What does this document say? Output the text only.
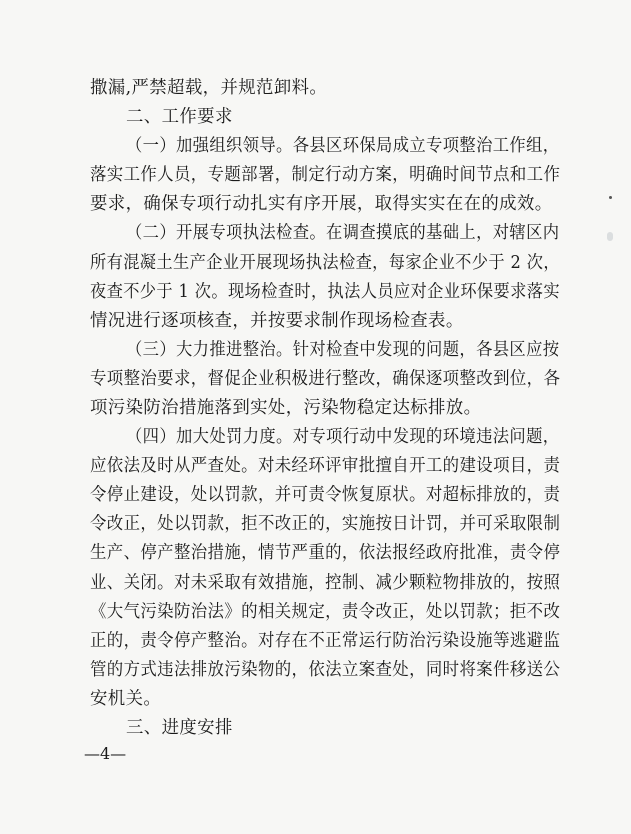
撒漏,严禁超载，并规范卸料。
二、工作要求
（一）加强组织领导。各县区环保局成立专项整治工作组，
落实工作人员，专题部署，制定行动方案，明确时间节点和工作
要求，确保专项行动扎实有序开展，取得实实在在的成效。
（二）开展专项执法检查。在调查摸底的基础上，对辖区内
所有混凝土生产企业开展现场执法检查，每家企业不少于 2 次，
夜查不少于 1 次。现场检查时，执法人员应对企业环保要求落实
情况进行逐项核查，并按要求制作现场检查表。
（三）大力推进整治。针对检查中发现的问题，各县区应按
专项整治要求，督促企业积极进行整改，确保逐项整改到位，各
项污染防治措施落到实处，污染物稳定达标排放。
（四）加大处罚力度。对专项行动中发现的环境违法问题，
应依法及时从严查处。对未经环评审批擅自开工的建设项目，责
令停止建设，处以罚款，并可责令恢复原状。对超标排放的，责
令改正，处以罚款，拒不改正的，实施按日计罚，并可采取限制
生产、停产整治措施，情节严重的，依法报经政府批准，责令停
业、关闭。对未采取有效措施，控制、减少颗粒物排放的，按照
《大气污染防治法》的相关规定，责令改正，处以罚款；拒不改
正的，责令停产整治。对存在不正常运行防治污染设施等逃避监
管的方式违法排放污染物的，依法立案查处，同时将案件移送公
安机关。
三、进度安排
—4—
